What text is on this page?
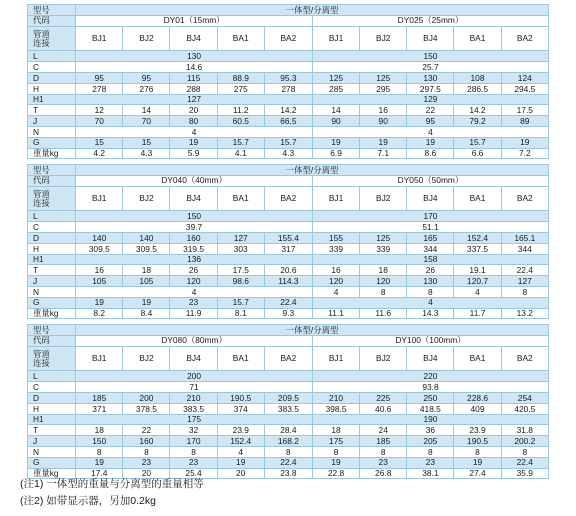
型号	一体型/分离型									
代码	DY01（15mm）					DY025（25mm）				
管道
连接	BJ1	BJ2	BJ4	BA1	BA2	BJ1	BJ2	BJ4	BA1	BA2
L	130					150				
C	14.6					25.7				
D	95	95	115	88.9	95.3	125	125	130	108	124
H	278	276	288	275	278	285	295	297.5	286.5	294.5
H1	127					129				
T	12	14	20	11.2	14.2	14	16	22	14.2	17.5
J	70	70	80	60.5	66.5	90	90	95	79.2	89
N	4					4				
G	15	15	19	15.7	15.7	19	19	19	15.7	19
重量kg	4.2	4.3	5.9	4.1	4.3	6.9	7.1	8.6	6.6	7.2
型号	一体型/分离型									
代码	DY040（40mm）					DY050（50mm）				
管道
连接	BJ1	BJ2	BJ4	BA1	BA2	BJ1	BJ2	BJ4	BA1	BA2
L	150					170				
C	39.7					51.1				
D	140	140	160	127	155.4	155	125	165	152.4	165.1
H	309.5	309.5	319.5	303	317	339	339	344	337.5	344
H1	136					158				
T	16	18	26	17.5	20.6	16	18	26	19.1	22.4
J	105	105	120	98.6	114.3	120	120	130	120.7	127
N	4					4	8	8	4	8
G	19	19	23	15.7	22.4	4				
重量kg	8.2	8.4	11.9	8.1	9.3	11.1	11.6	14.3	11.7	13.2
型号	一体型/分离型									
代码	DY080（80mm）					DY100（100mm）				
管道
连接	BJ1	BJ2	BJ4	BA1	BA2	BJ1	BJ2	BJ4	BA1	BA2
L	200					220				
C	71					93.8				
D	185	200	210	190.5	209.5	210	225	250	228.6	254
H	371	378.5	383.5	374	383.5	398.5	40.6	418.5	409	420.5
H1	175					190				
T	18	22	32	23.9	28.4	18	24	36	23.9	31.8
J	150	160	170	152.4	168.2	175	185	205	190.5	200.2
N	8	8	8	4	8	8	8	8	8	8
G	19	23	23	19	22.4	19	23	23	19	22.4
重量kg	17.4	20	25.4	20	23.8	22.8	26.8	38.1	27.4	35.9
(注1) 一体型的重量与分离型的重量相等
(注2) 如带显示器，另加0.2kg
